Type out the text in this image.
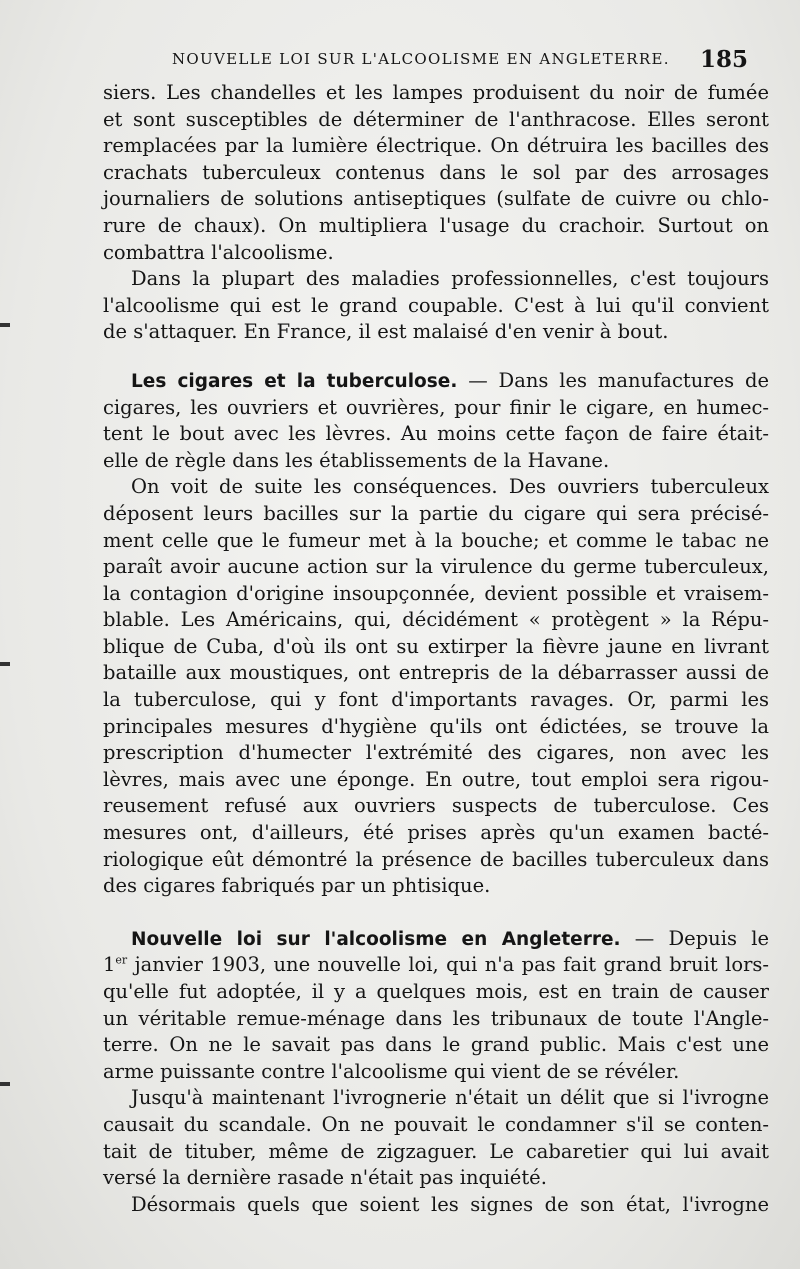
NOUVELLE LOI SUR L'ALCOOLISME EN ANGLETERRE. 185
siers. Les chandelles et les lampes produisent du noir de fumée
et sont susceptibles de déterminer de l'anthracose. Elles seront
remplacées par la lumière électrique. On détruira les bacilles des
crachats tuberculeux contenus dans le sol par des arrosages
journaliers de solutions antiseptiques (sulfate de cuivre ou chlo-
rure de chaux). On multipliera l'usage du crachoir. Surtout on
combattra l'alcoolisme.
Dans la plupart des maladies professionnelles, c'est toujours
l'alcoolisme qui est le grand coupable. C'est à lui qu'il convient
de s'attaquer. En France, il est malaisé d'en venir à bout.
Les cigares et la tuberculose. — Dans les manufactures de
cigares, les ouvriers et ouvrières, pour finir le cigare, en humec-
tent le bout avec les lèvres. Au moins cette façon de faire était-
elle de règle dans les établissements de la Havane.
On voit de suite les conséquences. Des ouvriers tuberculeux
déposent leurs bacilles sur la partie du cigare qui sera précisé-
ment celle que le fumeur met à la bouche; et comme le tabac ne
paraît avoir aucune action sur la virulence du germe tuberculeux,
la contagion d'origine insoupçonnée, devient possible et vraisem-
blable. Les Américains, qui, décidément « protègent » la Répu-
blique de Cuba, d'où ils ont su extirper la fièvre jaune en livrant
bataille aux moustiques, ont entrepris de la débarrasser aussi de
la tuberculose, qui y font d'importants ravages. Or, parmi les
principales mesures d'hygiène qu'ils ont édictées, se trouve la
prescription d'humecter l'extrémité des cigares, non avec les
lèvres, mais avec une éponge. En outre, tout emploi sera rigou-
reusement refusé aux ouvriers suspects de tuberculose. Ces
mesures ont, d'ailleurs, été prises après qu'un examen bacté-
riologique eût démontré la présence de bacilles tuberculeux dans
des cigares fabriqués par un phtisique.
Nouvelle loi sur l'alcoolisme en Angleterre. — Depuis le
1er janvier 1903, une nouvelle loi, qui n'a pas fait grand bruit lors-
qu'elle fut adoptée, il y a quelques mois, est en train de causer
un véritable remue-ménage dans les tribunaux de toute l'Angle-
terre. On ne le savait pas dans le grand public. Mais c'est une
arme puissante contre l'alcoolisme qui vient de se révéler.
Jusqu'à maintenant l'ivrognerie n'était un délit que si l'ivrogne
causait du scandale. On ne pouvait le condamner s'il se conten-
tait de tituber, même de zigzaguer. Le cabaretier qui lui avait
versé la dernière rasade n'était pas inquiété.
Désormais quels que soient les signes de son état, l'ivrogne
